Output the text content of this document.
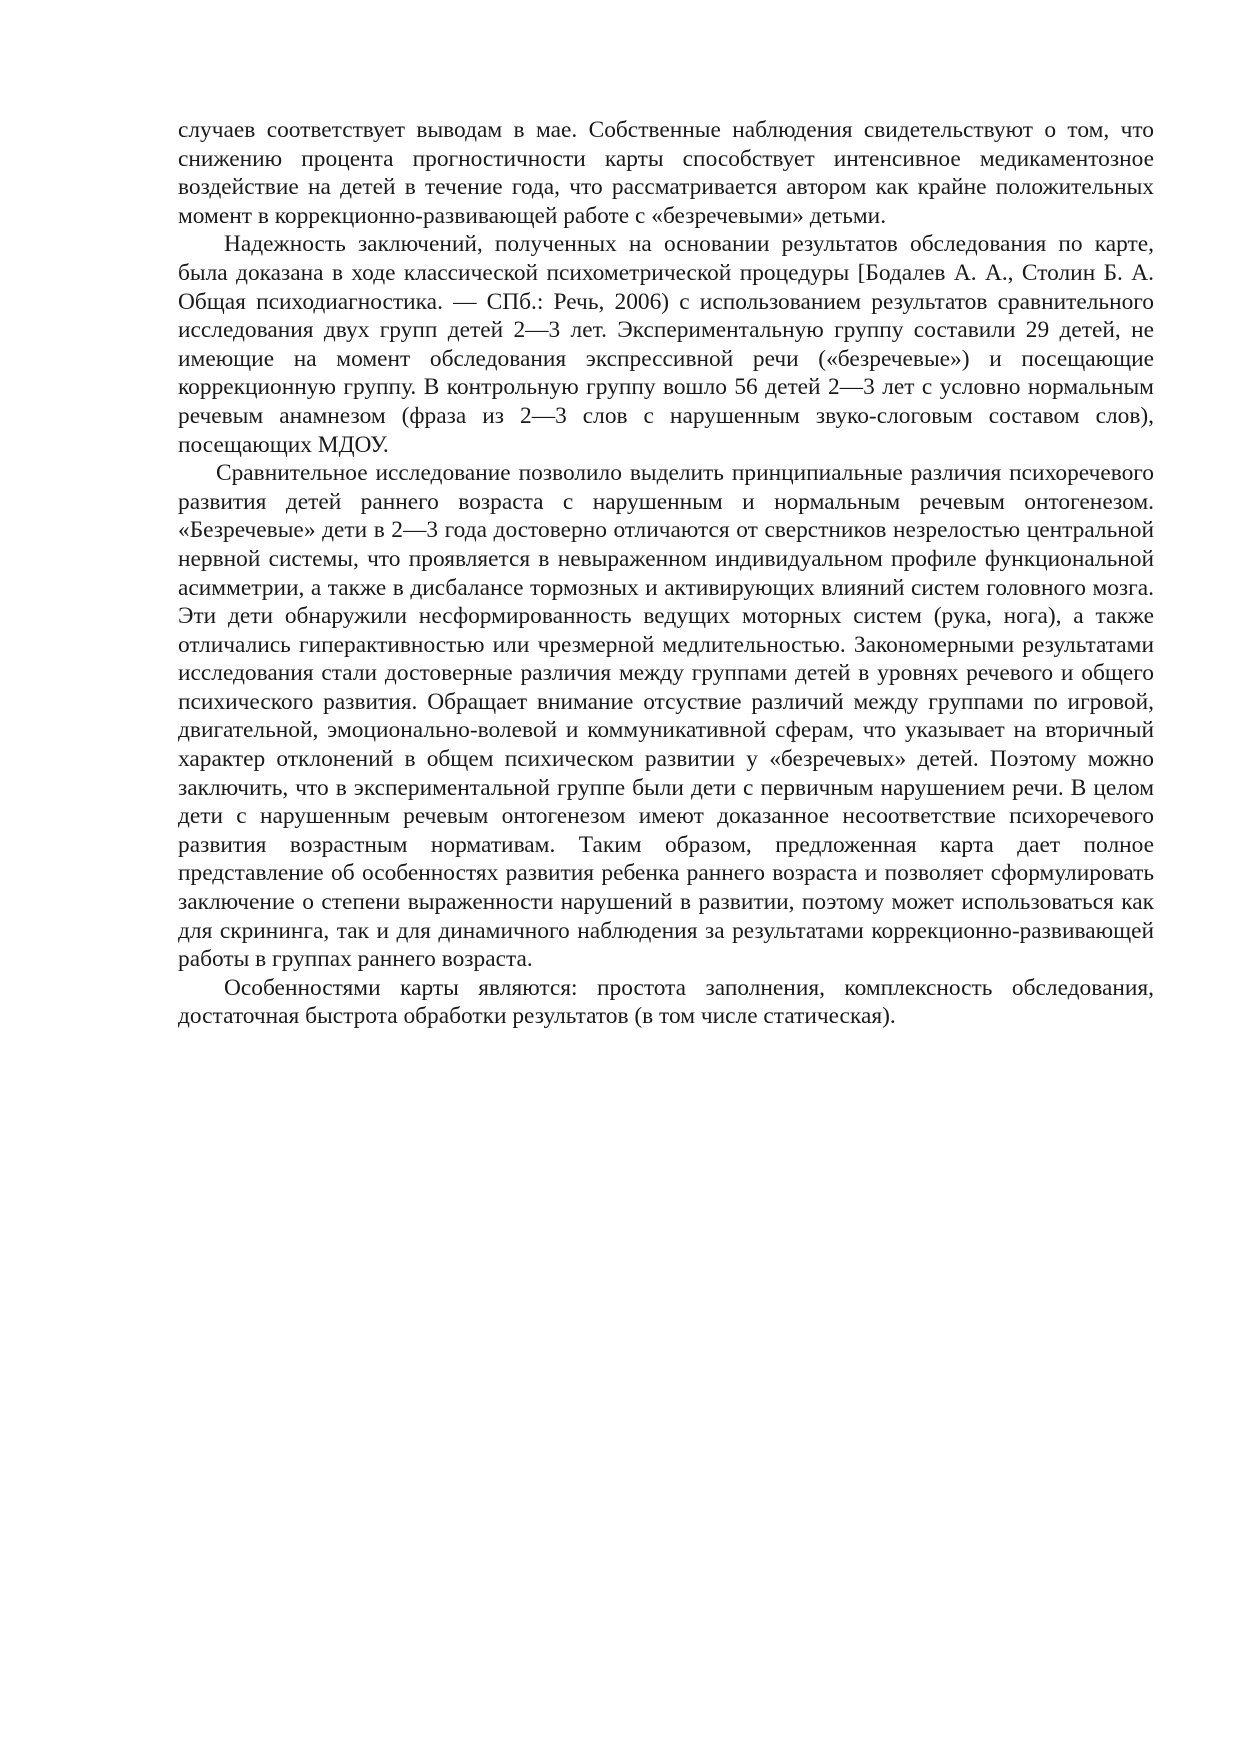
случаев соответствует выводам в мае. Собственные наблюдения свидетельствуют о том, что снижению процента прогностичности карты способствует интенсивное медикаментозное воздействие на детей в течение года, что рассматривается автором как крайне положительных момент в коррекционно-развивающей работе с «безречевыми» детьми.

Надежность заключений, полученных на основании результатов обследования по карте, была доказана в ходе классической психометрической процедуры [Бодалев А. А., Столин Б. А. Общая психодиагностика. — СПб.: Речь, 2006) с использованием результатов сравнительного исследования двух групп детей 2—3 лет. Экспериментальную группу составили 29 детей, не имеющие на момент обследования экспрессивной речи («безречевые») и посещающие коррекционную группу. В контрольную группу вошло 56 детей 2—3 лет с условно нормальным речевым анамнезом (фраза из 2—3 слов с нарушенным звуко-слоговым составом слов), посещающих МДОУ.

Сравнительное исследование позволило выделить принципиальные различия психоречевого развития детей раннего возраста с нарушенным и нормальным речевым онтогенезом. «Безречевые» дети в 2—3 года достоверно отличаются от сверстников незрелостью центральной нервной системы, что проявляется в невыраженном индивидуальном профиле функциональной асимметрии, а также в дисбалансе тормозных и активирующих влияний систем головного мозга. Эти дети обнаружили несформированность ведущих моторных систем (рука, нога), а также отличались гиперактивностью или чрезмерной медлительностью. Закономерными результатами исследования стали достоверные различия между группами детей в уровнях речевого и общего психического развития. Обращает внимание отсуствие различий между группами по игровой, двигательной, эмоционально-волевой и коммуникативной сферам, что указывает на вторичный характер отклонений в общем психическом развитии у «безречевых» детей. Поэтому можно заключить, что в экспериментальной группе были дети с первичным нарушением речи. В целом дети с нарушенным речевым онтогенезом имеют доказанное несоответствие психоречевого развития возрастным нормативам. Таким образом, предложенная карта дает полное представление об особенностях развития ребенка раннего возраста и позволяет сформулировать заключение о степени выраженности нарушений в развитии, поэтому может использоваться как для скрининга, так и для динамичного наблюдения за результатами коррекционно-развивающей работы в группах раннего возраста.

Особенностями карты являются: простота заполнения, комплексность обследования, достаточная быстрота обработки результатов (в том числе статическая).
